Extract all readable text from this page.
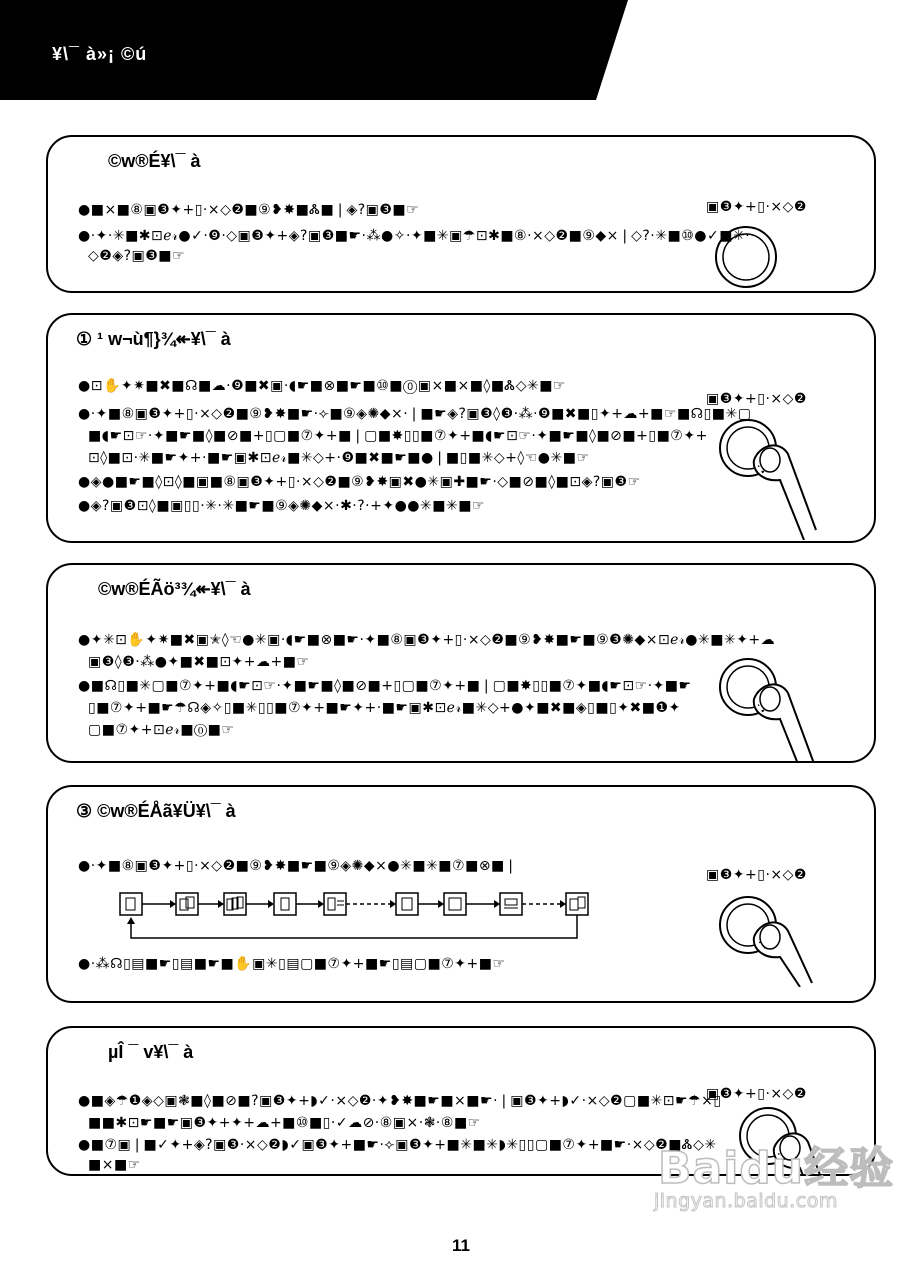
¥\¯ à»¡ ©ú
©w®É¥\¯ à
▣❸✦+▯·×◇❷
●■×■⑧▣❸✦+▯·×◇❷■⑨❥✸■Ꮬ■❘◈?▣❸■☞
●·✦·✳■✱⊡ℯ𝓇●✓·❾·◇▣❸✦+◈?▣❸■☛·⁂●✧·✦■✳▣☂⊡✱■⑧·×◇❷■⑨◆×❘◇?·✳■⑩●✓■✳·
◇❷◈?▣❸■☞
① ¹ w¬ù¶}¾↞¥\¯ à
▣❸✦+▯·×◇❷
●⊡✋✦✷■✖■☊■☁·❾■✖▣·◖☛■⊗■☛■⑩■⓪▣×■×■◊■Ꮬ◇✳■☞
●·✦■⑧▣❸✦+▯·×◇❷■⑨❥✸■☛·⟣■⑨◈✺◆×·❘■☛◈?▣❸◊❸·⁂·❾■✖■▯✦+☁+■☞■☊▯■✳▢
■◖☛⊡☞·✦■☛■◊■⊘■+▯▢■⑦✦+■❘▢■✸▯▯■⑦✦+■◖☛⊡☞·✦■☛■◊■⊘■+▯■⑦✦+
⊡◊■⊡·✳■☛✦+·■☛▣✱⊡ℯ𝓇■✳◇+·❾■✖■☛■●❘■▯■✳◇+◊☜●✳■☞
●◈●■☛■◊⊡◊■▣■⑧▣❸✦+▯·×◇❷■⑨❥✸▣✖●✳▣✚■☛·◇■⊘■◊■⊡◈?▣❸☞
●◈?▣❸⊡◊■▣▯▯·✳·✳■☛■⑨◈✺◆×·✱·?·+✦●●✳■✳■☞
©w®ÉÃö³¾↞¥\¯ à
●✦✳⊡✋✦✷■✖▣✭◊☜●✳▣·◖☛■⊗■☛·✦■⑧▣❸✦+▯·×◇❷■⑨❥✸■☛■⑨❸✺◆×⊡ℯ𝓇●✳■✳✦+☁
▣❸◊❸·⁂●✦■✖■⊡✦+☁+■☞
●■☊▯■✳▢■⑦✦+■◖☛⊡☞·✦■☛■◊■⊘■+▯▢■⑦✦+■❘▢■✸▯▯■⑦✦■◖☛⊡☞·✦■☛
▯■⑦✦+■☛☂☊◈✧▯■✳▯▯■⑦✦+■☛✦+·■☛▣✱⊡ℯ𝓇■✳◇+●✦■✖■◈▯■▯✦✖■❶✦
▢■⑦✦+⊡ℯ𝓇■⓪■☞
③ ©w®ÉÅã¥Ü¥\¯ à
●·✦■⑧▣❸✦+▯·×◇❷■⑨❥✸■☛■⑨◈✺◆×●✳■✳■⑦■⊗■❘
▣❸✦+▯·×◇❷
●·⁂☊▯▤■☛▯▤■☛■✋▣✳▯▤▢■⑦✦+■☛▯▤▢■⑦✦+■☞
µÎ ¯ v¥\¯ à
▣❸✦+▯·×◇❷
●■◈☂❶◈◇▣❃■◊■⊘■?▣❸✦+◗✓·×◇❷·✦❥✸■☛■×■☛·❘▣❸✦+◗✓·×◇❷▢■✳⊡☛☂×▯
■■✱⊡☛■☛▣❸✦+✦+☁+■⑩■▯·✓☁⊘·⑧▣×·❃·⑧■☞
●■⑦▣❘■✓✦+◈?▣❸·×◇❷◗✓▣❸✦+■☛·⟣▣❸✦+■✳■✳◗✳▯▯▢■⑦✦+■☛·×◇❷■Ꮬ◇✳
■×■☞	Baidu经验
jingyan.baidu.com
11
